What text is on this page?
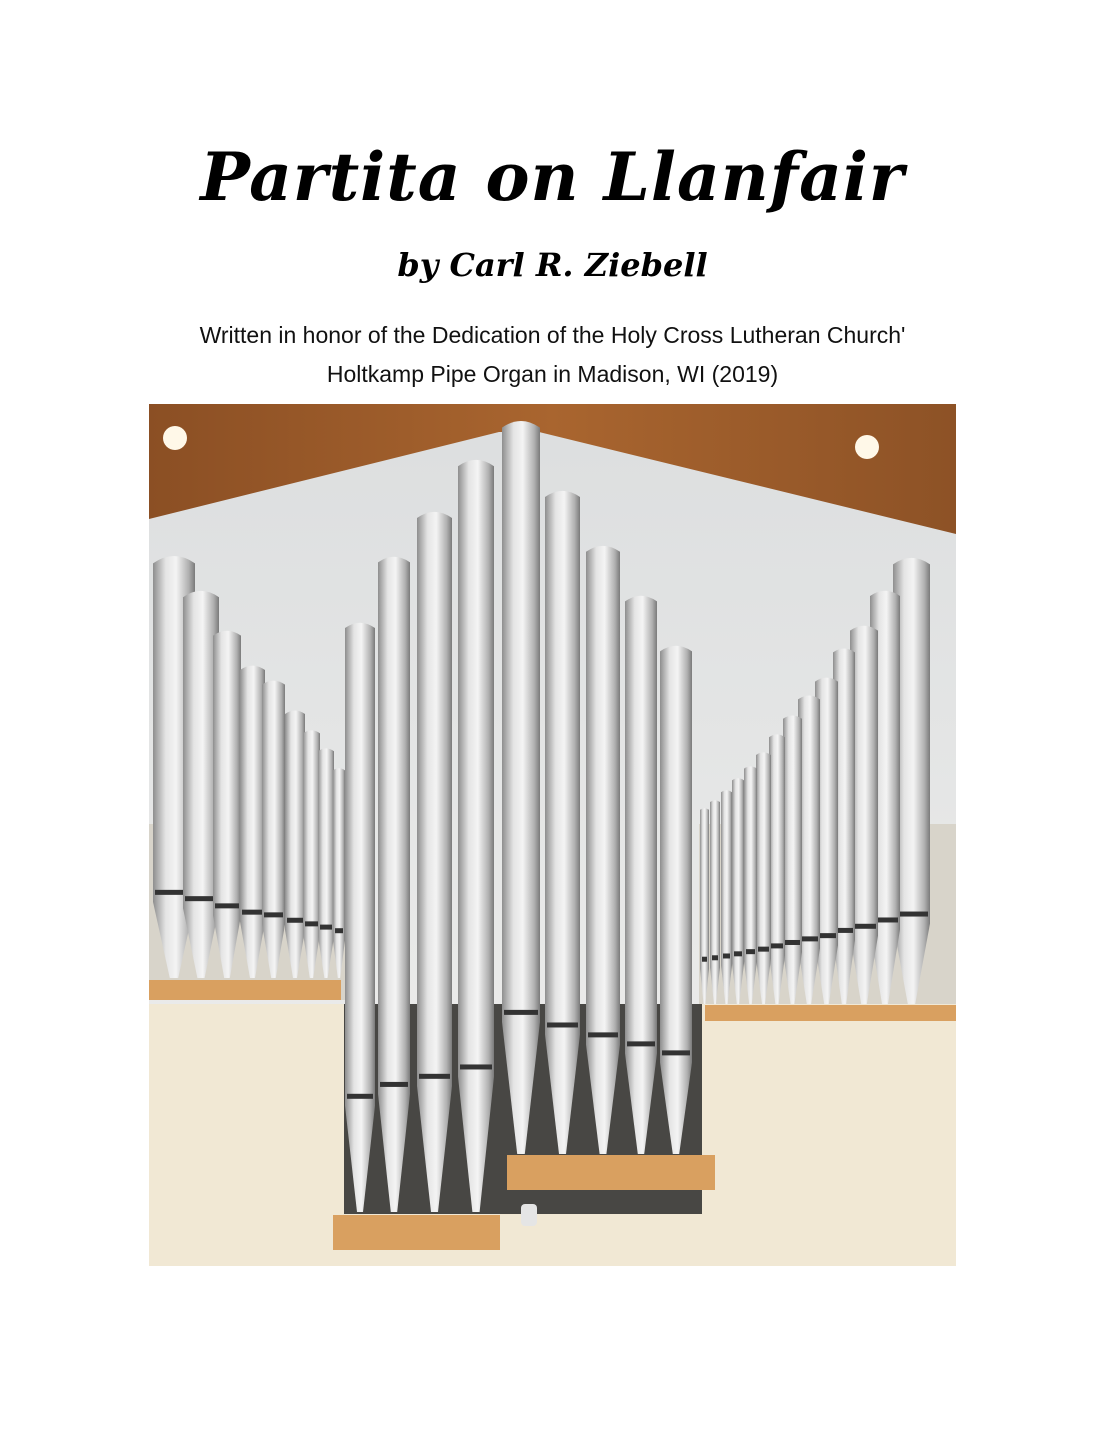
Partita on Llanfair
by Carl R. Ziebell
Written in honor of the Dedication of the Holy Cross Lutheran Church'
Holtkamp Pipe Organ in Madison, WI (2019)
